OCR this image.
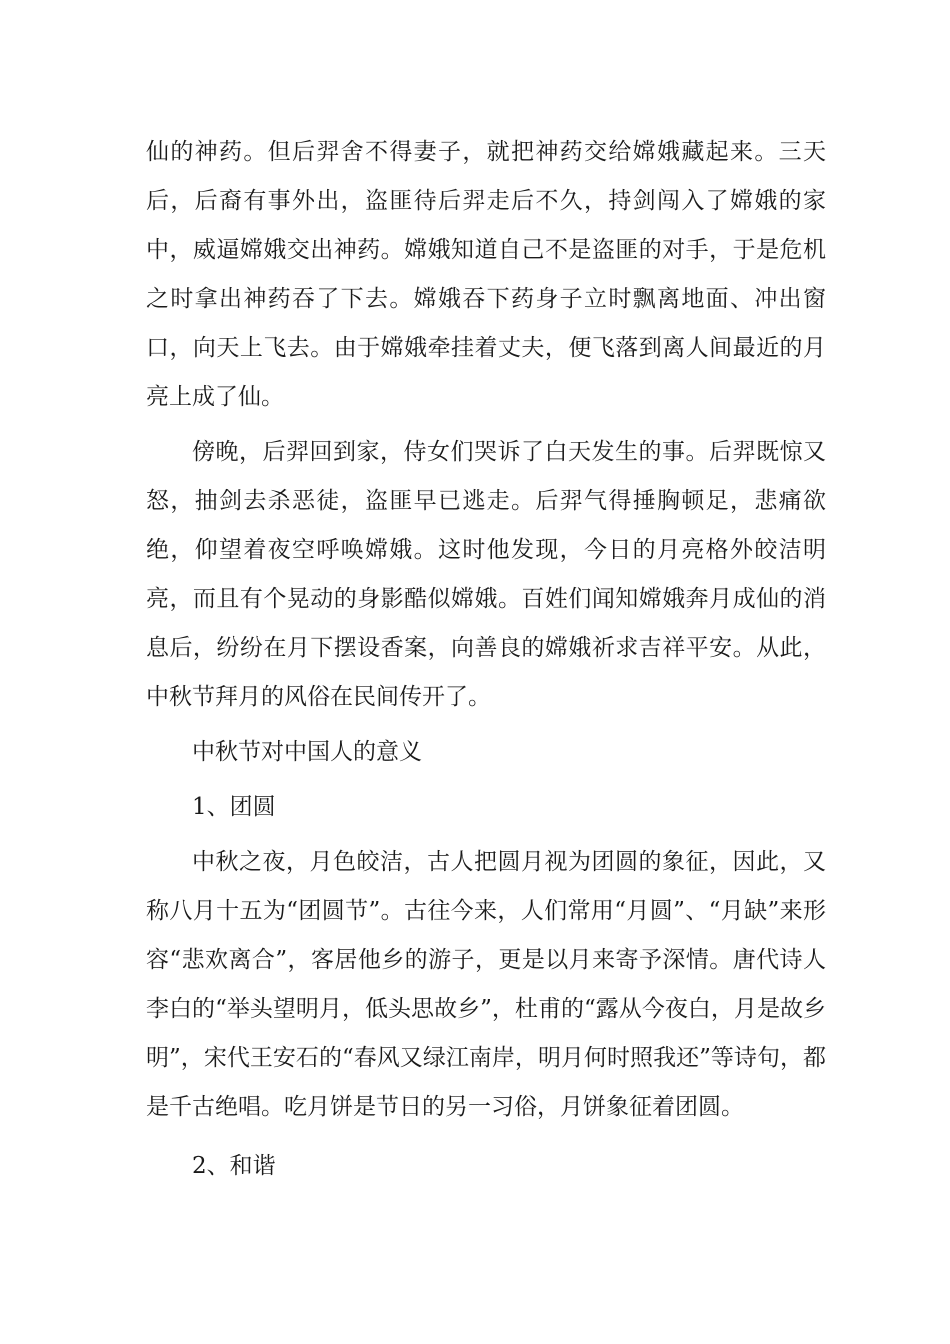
仙的神药。但后羿舍不得妻子，就把神药交给嫦娥藏起来。三天后，后裔有事外出，盗匪待后羿走后不久，持剑闯入了嫦娥的家中，威逼嫦娥交出神药。嫦娥知道自己不是盗匪的对手，于是危机之时拿出神药吞了下去。嫦娥吞下药身子立时飘离地面、冲出窗口，向天上飞去。由于嫦娥牵挂着丈夫，便飞落到离人间最近的月亮上成了仙。

傍晚，后羿回到家，侍女们哭诉了白天发生的事。后羿既惊又怒，抽剑去杀恶徒，盗匪早已逃走。后羿气得捶胸顿足，悲痛欲绝，仰望着夜空呼唤嫦娥。这时他发现，今日的月亮格外皎洁明亮，而且有个晃动的身影酷似嫦娥。百姓们闻知嫦娥奔月成仙的消息后，纷纷在月下摆设香案，向善良的嫦娥祈求吉祥平安。从此，中秋节拜月的风俗在民间传开了。

中秋节对中国人的意义

1、团圆

中秋之夜，月色皎洁，古人把圆月视为团圆的象征，因此，又称八月十五为“团圆节”。古往今来，人们常用“月圆”、“月缺”来形容“悲欢离合”，客居他乡的游子，更是以月来寄予深情。唐代诗人李白的“举头望明月，低头思故乡”，杜甫的“露从今夜白，月是故乡明”，宋代王安石的“春风又绿江南岸，明月何时照我还”等诗句，都是千古绝唱。吃月饼是节日的另一习俗，月饼象征着团圆。

2、和谐
